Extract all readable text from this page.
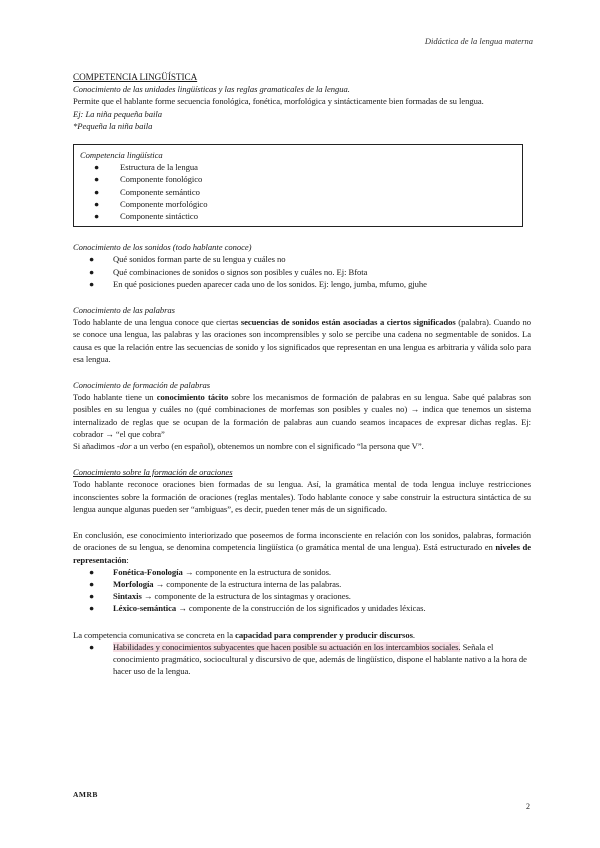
Didáctica de la lengua materna

COMPETENCIA LINGÜÍSTICA

Conocimiento de las unidades lingüísticas y las reglas gramaticales de la lengua.

Permite que el hablante forme secuencia fonológica, fonética, morfológica y sintácticamente bien formadas de su lengua.

Ej: La niña pequeña baila

*Pequeña la niña baila

Competencia lingüística

● Estructura de la lengua
● Componente fonológico
● Componente semántico
● Componente morfológico
● Componente sintáctico

Conocimiento de los sonidos (todo hablante conoce)

● Qué sonidos forman parte de su lengua y cuáles no
● Qué combinaciones de sonidos o signos son posibles y cuáles no. Ej: Bfota
● En qué posiciones pueden aparecer cada uno de los sonidos. Ej: lengo, jumba, mfumo, gjuhe

Conocimiento de las palabras

Todo hablante de una lengua conoce que ciertas secuencias de sonidos están asociadas a ciertos significados (palabra). Cuando no se conoce una lengua, las palabras y las oraciones son incomprensibles y solo se percibe una cadena no segmentable de sonidos. La causa es que la relación entre las secuencias de sonido y los significados que representan en una lengua es arbitraria y válida solo para esa lengua.

Conocimiento de formación de palabras

Todo hablante tiene un conocimiento tácito sobre los mecanismos de formación de palabras en su lengua. Sabe qué palabras son posibles en su lengua y cuáles no (qué combinaciones de morfemas son posibles y cuales no) → indica que tenemos un sistema internalizado de reglas que se ocupan de la formación de palabras aun cuando seamos incapaces de expresar dichas reglas. Ej: cobrador → “el que cobra”

Si añadimos -dor a un verbo (en español), obtenemos un nombre con el significado “la persona que V”.

Conocimiento sobre la formación de oraciones

Todo hablante reconoce oraciones bien formadas de su lengua. Así, la gramática mental de toda lengua incluye restricciones inconscientes sobre la formación de oraciones (reglas mentales). Todo hablante conoce y sabe construir la estructura sintáctica de su lengua aunque algunas pueden ser “ambiguas”, es decir, pueden tener más de un significado.

En conclusión, ese conocimiento interiorizado que poseemos de forma inconsciente en relación con los sonidos, palabras, formación de oraciones de su lengua, se denomina competencia lingüística (o gramática mental de una lengua). Está estructurado en niveles de representación:

● Fonética-Fonología → componente en la estructura de sonidos.
● Morfología → componente de la estructura interna de las palabras.
● Sintaxis → componente de la estructura de los sintagmas y oraciones.
● Léxico-semántica → componente de la construcción de los significados y unidades léxicas.

La competencia comunicativa se concreta en la capacidad para comprender y producir discursos.

● Habilidades y conocimientos subyacentes que hacen posible su actuación en los intercambios sociales. Señala el conocimiento pragmático, sociocultural y discursivo de que, además de lingüístico, dispone el hablante nativo a la hora de hacer uso de la lengua.
AMRB
2
